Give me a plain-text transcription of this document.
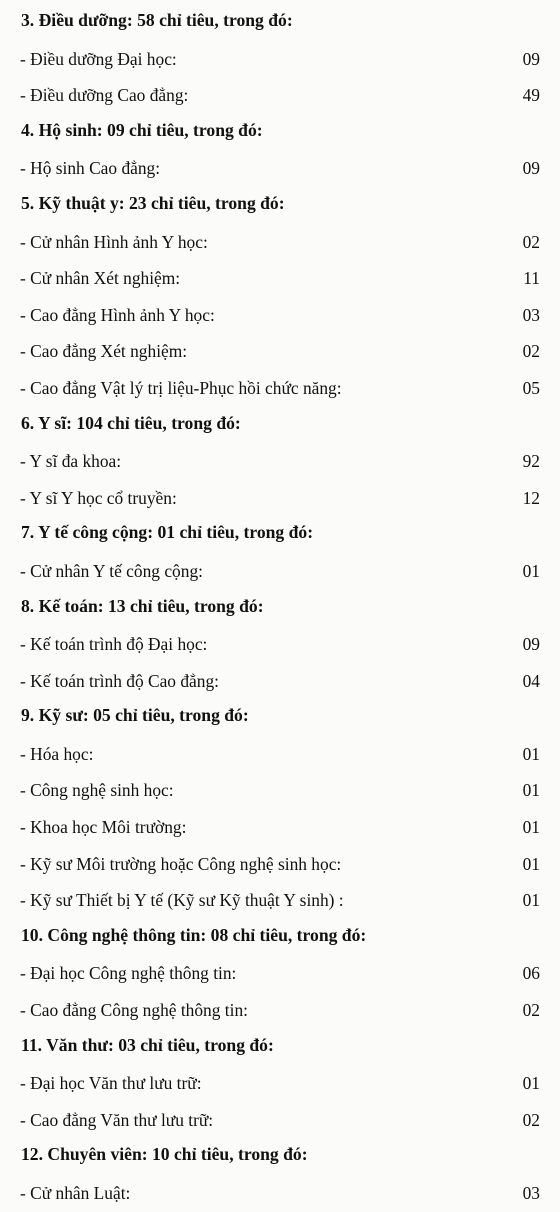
3. Điều dưỡng: 58 chỉ tiêu, trong đó:
- Điều dưỡng Đại học:	09
- Điều dưỡng Cao đẳng:	49
4. Hộ sinh: 09 chỉ tiêu, trong đó:
- Hộ sinh Cao đẳng:	09
5. Kỹ thuật y: 23 chỉ tiêu, trong đó:
- Cử nhân Hình ảnh Y học:	02
- Cử nhân Xét nghiệm:	11
- Cao đẳng Hình ảnh Y học:	03
- Cao đẳng Xét nghiệm:	02
- Cao đẳng Vật lý trị liệu-Phục hồi chức năng:	05
6. Y sĩ: 104 chỉ tiêu, trong đó:
- Y sĩ đa khoa:	92
- Y sĩ Y học cổ truyền:	12
7. Y tế công cộng: 01 chỉ tiêu, trong đó:
- Cử nhân Y tế công cộng:	01
8. Kế toán: 13 chỉ tiêu, trong đó:
- Kế toán trình độ Đại học:	09
- Kế toán trình độ Cao đẳng:	04
9. Kỹ sư: 05 chỉ tiêu, trong đó:
- Hóa học:	01
- Công nghệ sinh học:	01
- Khoa học Môi trường:	01
- Kỹ sư Môi trường hoặc Công nghệ sinh học:	01
- Kỹ sư Thiết bị Y tế (Kỹ sư Kỹ thuật Y sinh) :	01
10. Công nghệ thông tin: 08 chỉ tiêu, trong đó:
- Đại học Công nghệ thông tin:	06
- Cao đẳng Công nghệ thông tin:	02
11. Văn thư: 03 chỉ tiêu, trong đó:
- Đại học Văn thư lưu trữ:	01
- Cao đẳng Văn thư lưu trữ:	02
12. Chuyên viên: 10 chỉ tiêu, trong đó:
- Cử nhân Luật:	03
